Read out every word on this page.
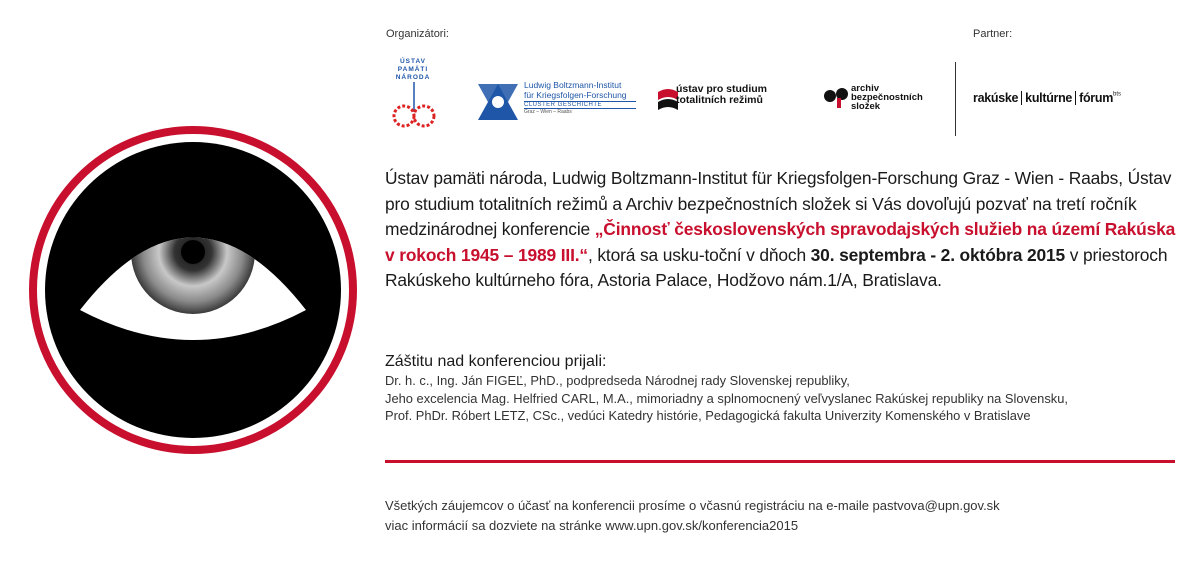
Organizátori:	Partner:
ÚSTAV PAMÄTI NÁRODA
Ludwig Boltzmann-Institut
für Kriegsfolgen-Forschung
CLUSTER GESCHICHTE
Graz – Wien – Raabs
ústav pro studium
totalitních režimů
archiv
bezpečnostních
složek
rakúske kultúrne fórum$^{bts}$
Ústav pamäti národa, Ludwig Boltzmann-Institut für Kriegsfolgen-Forschung Graz - Wien - Raabs, Ústav pro studium totalitních režimů a Archiv bezpečnostních složek si Vás dovoľujú pozvať na tretí ročník medzinárodnej konferencie „Činnosť československých spravodajských služieb na území Rakúska v rokoch 1945 – 1989 III.“, ktorá sa usku-toční v dňoch 30. septembra - 2. októbra 2015 v priestoroch Rakúskeho kultúrneho fóra, Astoria Palace, Hodžovo nám.1/A, Bratislava.
Záštitu nad konferenciou prijali:
Dr. h. c., Ing. Ján FIGEĽ, PhD., podpredseda Národnej rady Slovenskej republiky,
Jeho excelencia Mag. Helfried CARL, M.A., mimoriadny a splnomocnený veľvyslanec Rakúskej republiky na Slovensku,
Prof. PhDr. Róbert LETZ, CSc., vedúci Katedry histórie, Pedagogická fakulta Univerzity Komenského v Bratislave
Všetkých záujemcov o účasť na konferencii prosíme o včasnú registráciu na e-maile pastvova@upn.gov.sk
viac informácií sa dozviete na stránke www.upn.gov.sk/konferencia2015
